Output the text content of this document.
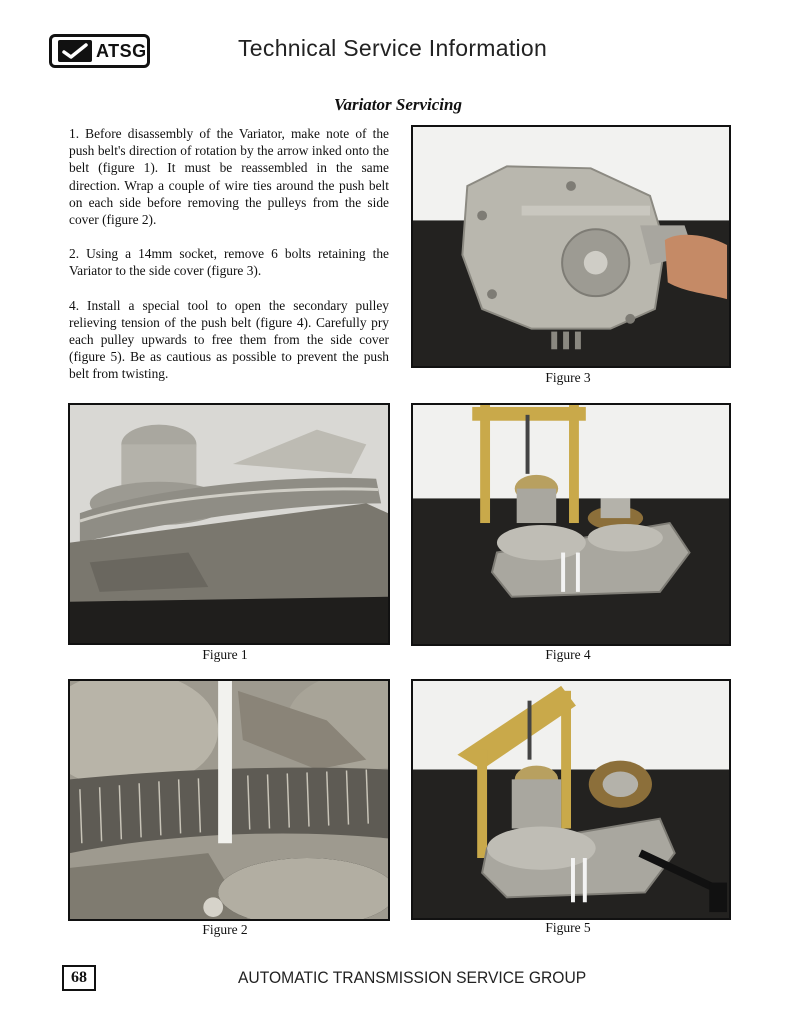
ATSG	Technical Service Information
Variator Servicing

1. Before disassembly of the Variator, make note of the push belt's direction of rotation by the arrow inked onto the belt (figure 1). It must be reassembled in the same direction. Wrap a couple of wire ties around the push belt on each side before removing the pulleys from the side cover (figure 2).

2. Using a 14mm socket, remove 6 bolts retaining the Variator to the side cover (figure 3).

4. Install a special tool to open the secondary pulley relieving tension of the push belt (figure 4). Carefully pry each pulley upwards to free them from the side cover (figure 5). Be as cautious as possible to prevent the push belt from twisting.	Figure 3
Figure 1	Figure 4
Figure 2	Figure 5
68	AUTOMATIC TRANSMISSION SERVICE GROUP
